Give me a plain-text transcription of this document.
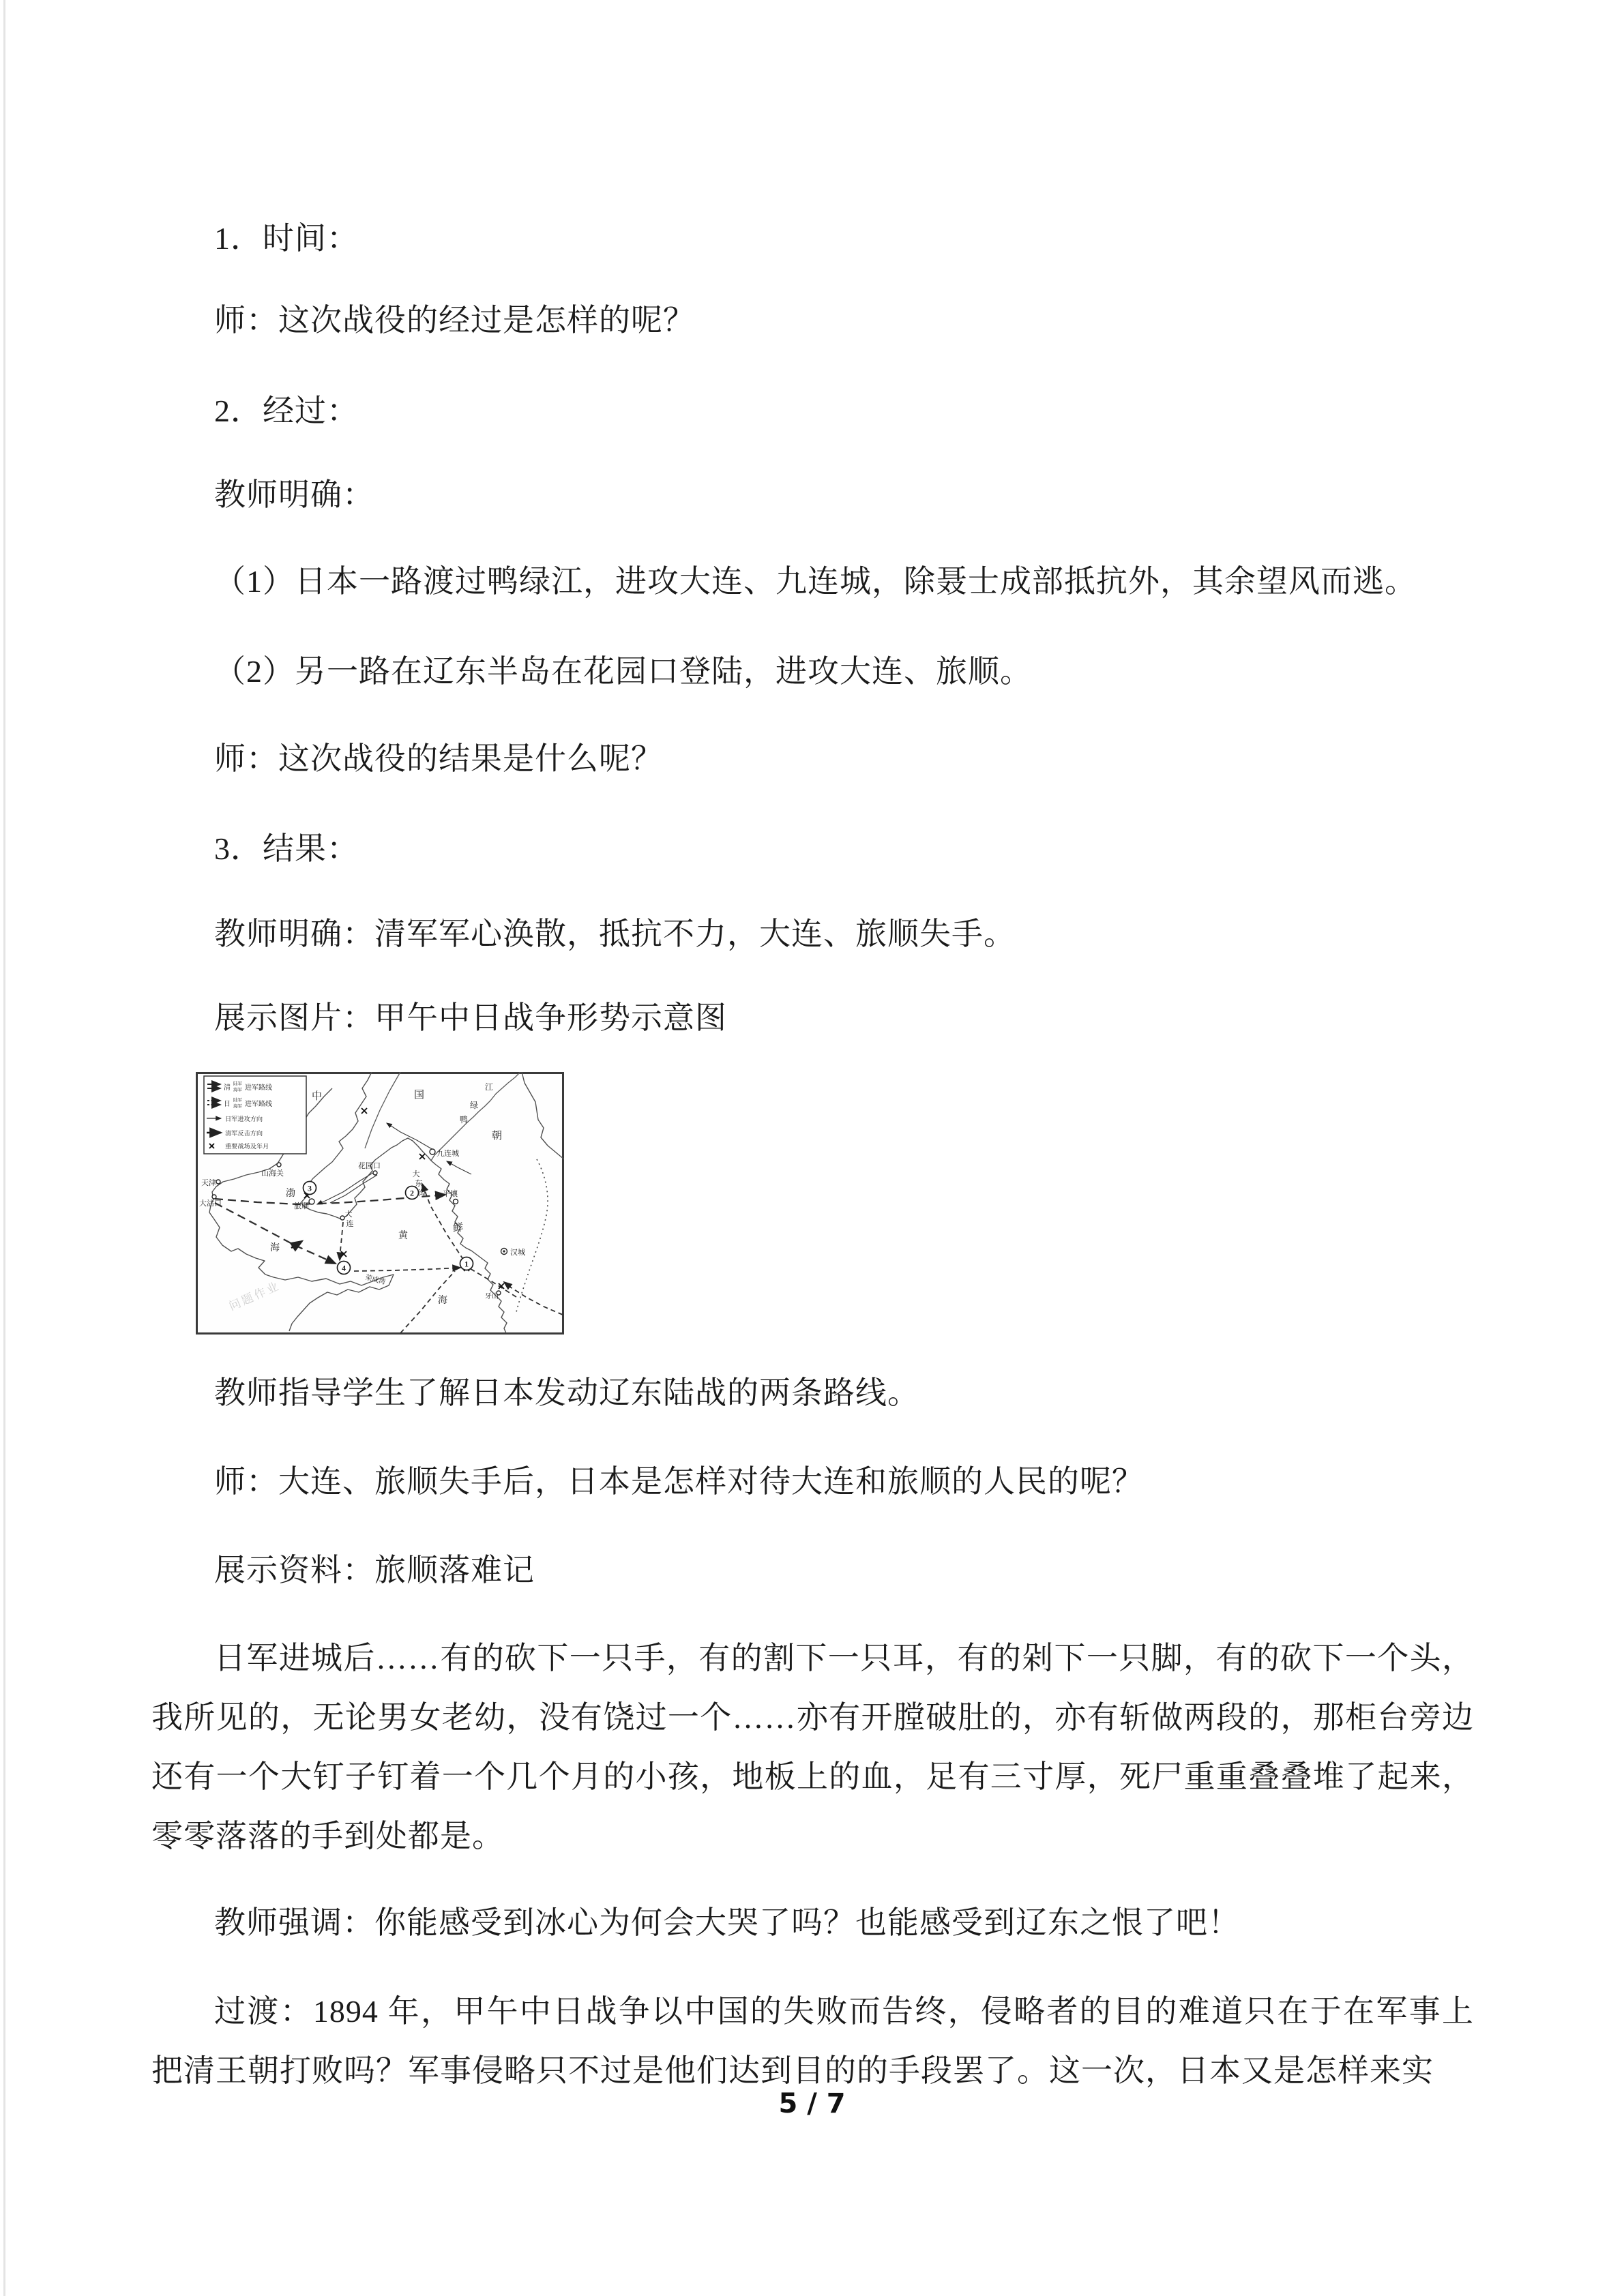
1．时间：
师：这次战役的经过是怎样的呢？
2．经过：
教师明确：
（1）日本一路渡过鸭绿江，进攻大连、九连城，除聂士成部抵抗外，其余望风而逃。
（2）另一路在辽东半岛在花园口登陆，进攻大连、旅顺。
师：这次战役的结果是什么呢？
3．结果：
教师明确：清军军心涣散，抵抗不力，大连、旅顺失手。
展示图片：甲午中日战争形势示意图
1
2
3
4
中	国
江
绿
鸭
朝
鲜
渤
海
黄
海
天津
大沽口
山海关
花园口
九连城
大
东
沟 平壤
旅顺
大
连
汉城
牙山
荣成湾
问题作业
清
陆军
海军 进军路线
日
陆军
海军 进军路线
日军进攻方向
清军反击方向
重要战场及年月
教师指导学生了解日本发动辽东陆战的两条路线。
师：大连、旅顺失手后，日本是怎样对待大连和旅顺的人民的呢？
展示资料：旅顺落难记
日军进城后……有的砍下一只手，有的割下一只耳，有的剁下一只脚，有的砍下一个头，我所见的，无论男女老幼，没有饶过一个……亦有开膛破肚的，亦有斩做两段的，那柜台旁边还有一个大钉子钉着一个几个月的小孩，地板上的血，足有三寸厚，死尸重重叠叠堆了起来，零零落落的手到处都是。
教师强调：你能感受到冰心为何会大哭了吗？也能感受到辽东之恨了吧！
过渡：1894 年，甲午中日战争以中国的失败而告终，侵略者的目的难道只在于在军事上把清王朝打败吗？军事侵略只不过是他们达到目的的手段罢了。这一次，日本又是怎样来实
5 / 7
